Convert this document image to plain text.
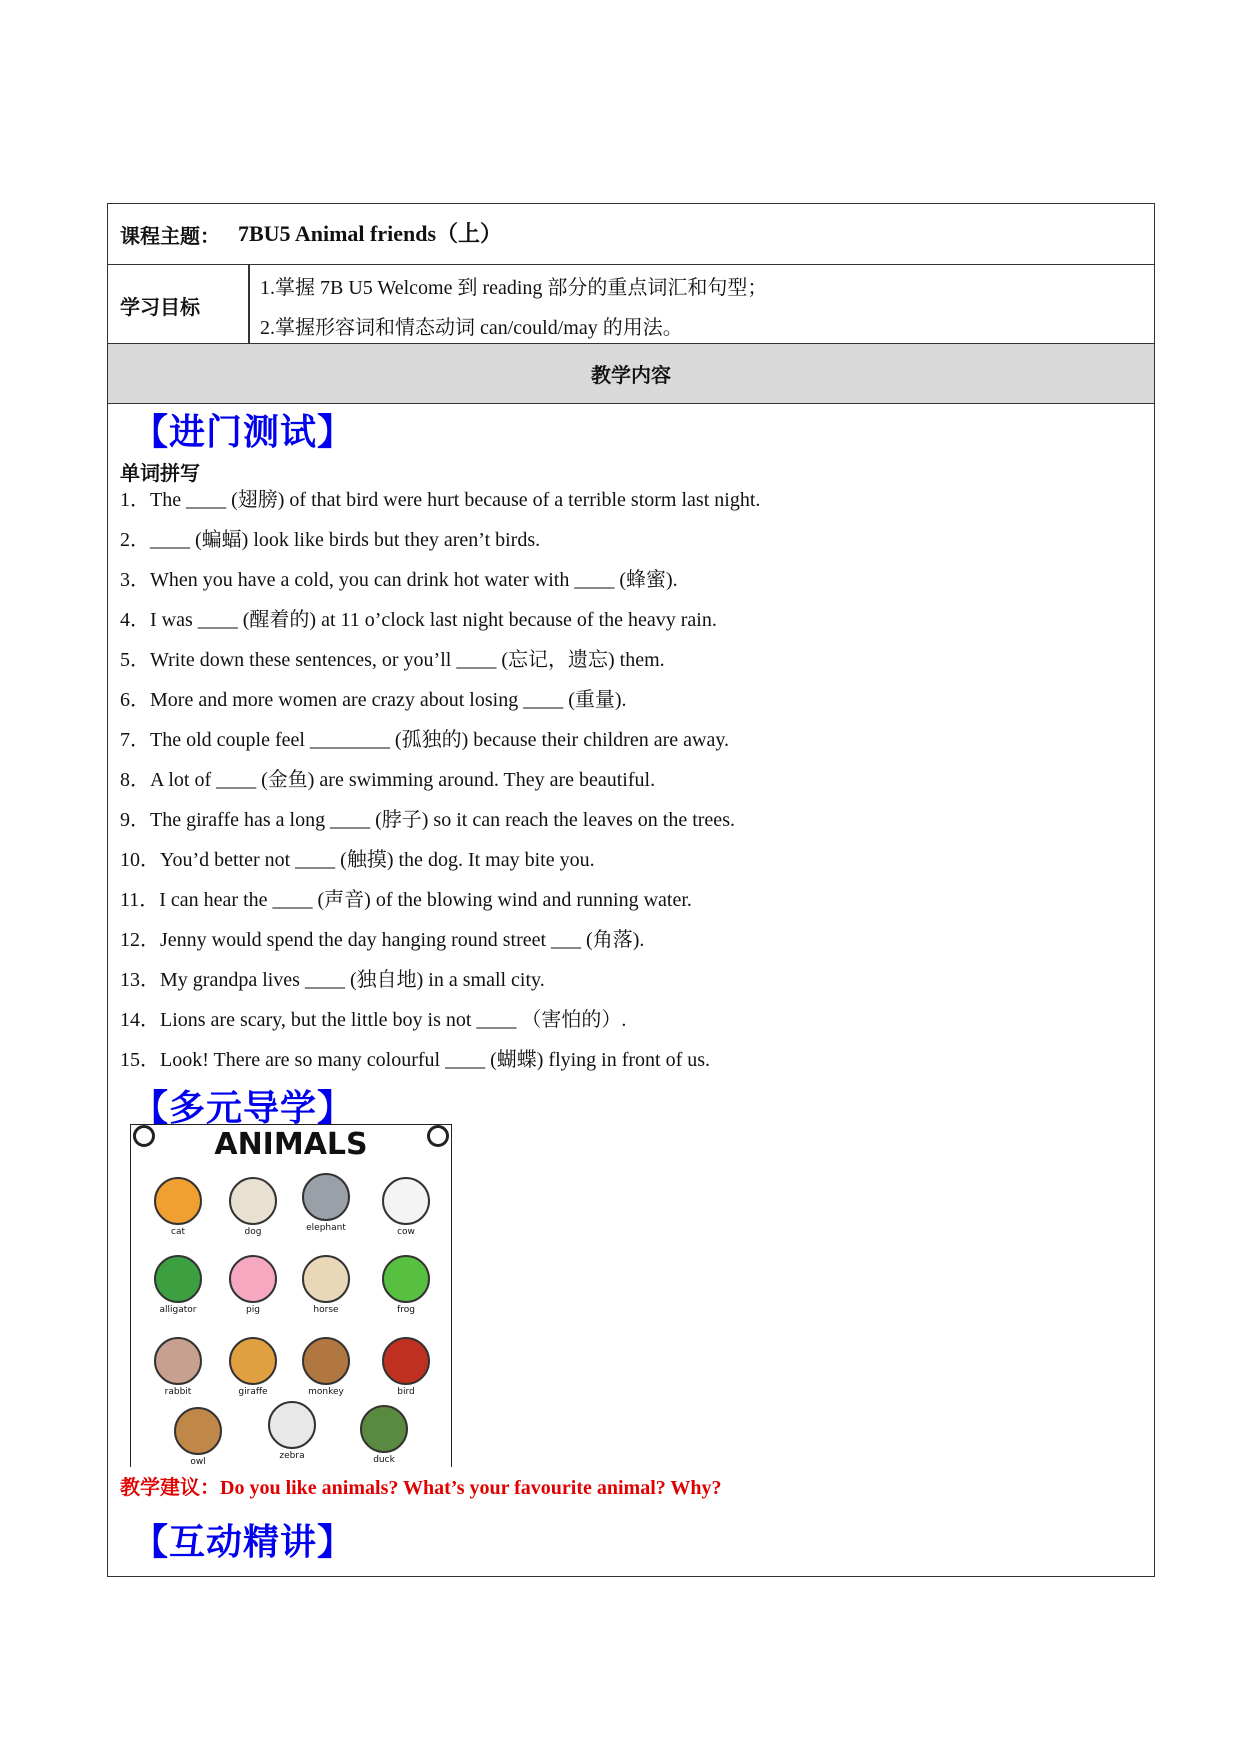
课程主题： 7BU5 Animal friends（上）
学习目标
1.掌握 7B U5 Welcome 到 reading 部分的重点词汇和句型；
2.掌握形容词和情态动词 can/could/may 的用法。
教学内容
【进门测试】
单词拼写
1．The ____ (翅膀) of that bird were hurt because of a terrible storm last night.
2．____ (蝙蝠) look like birds but they aren’t birds.
3．When you have a cold, you can drink hot water with ____ (蜂蜜).
4．I was ____ (醒着的) at 11 o’clock last night because of the heavy rain.
5．Write down these sentences, or you’ll ____ (忘记，遗忘) them.
6．More and more women are crazy about losing ____ (重量).
7．The old couple feel ________ (孤独的) because their children are away.
8．A lot of ____ (金鱼) are swimming around. They are beautiful.
9．The giraffe has a long ____ (脖子) so it can reach the leaves on the trees.
10．You’d better not ____ (触摸) the dog. It may bite you.
11．I can hear the ____ (声音) of the blowing wind and running water.
12．Jenny would spend the day hanging round street ___ (角落).
13．My grandpa lives ____ (独自地) in a small city.
14．Lions are scary, but the little boy is not ____ （害怕的）.
15．Look! There are so many colourful ____ (蝴蝶) flying in front of us.
【多元导学】
ANIMALS
cat	dog	elephant	cow
alligator	pig	horse	frog
rabbit	giraffe	monkey	bird
owl
zebra	duck
教学建议：Do you like animals? What’s your favourite animal? Why?
【互动精讲】
